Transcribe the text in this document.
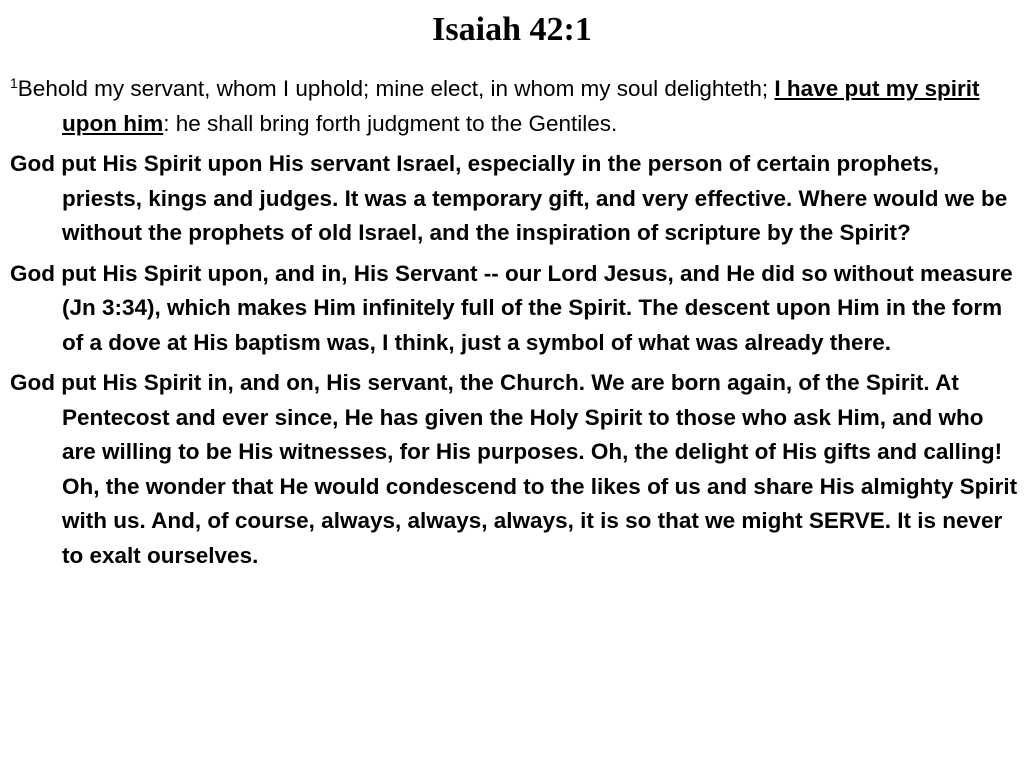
Isaiah 42:1

$^1$Behold my servant, whom I uphold; mine elect, in whom my soul delighteth; I have put my spirit upon him: he shall bring forth judgment to the Gentiles.

God put His Spirit upon His servant Israel, especially in the person of certain prophets, priests, kings and judges. It was a temporary gift, and very effective. Where would we be without the prophets of old Israel, and the inspiration of scripture by the Spirit?

God put His Spirit upon, and in, His Servant -- our Lord Jesus, and He did so without measure (Jn 3:34), which makes Him infinitely full of the Spirit. The descent upon Him in the form of a dove at His baptism was, I think, just a symbol of what was already there.

God put His Spirit in, and on, His servant, the Church. We are born again, of the Spirit. At Pentecost and ever since, He has given the Holy Spirit to those who ask Him, and who are willing to be His witnesses, for His purposes. Oh, the delight of His gifts and calling! Oh, the wonder that He would condescend to the likes of us and share His almighty Spirit with us. And, of course, always, always, always, it is so that we might SERVE. It is never to exalt ourselves.
